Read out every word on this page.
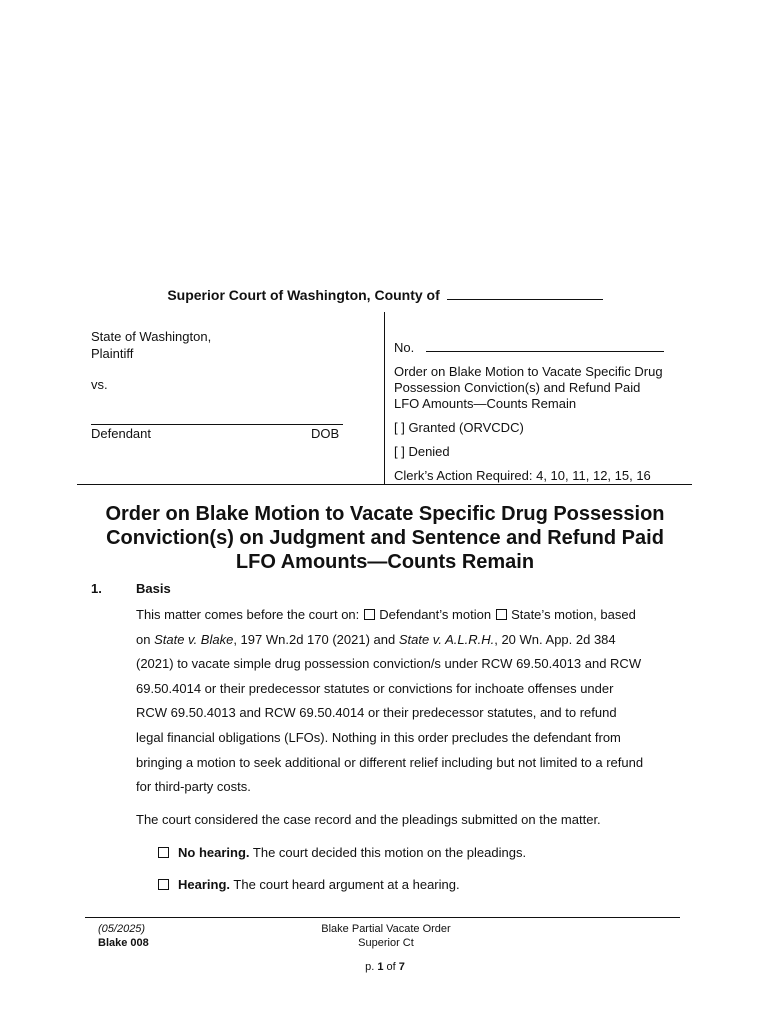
Superior Court of Washington, County of
State of Washington,
Plaintiff
vs.
Defendant	DOB
No.
Order on Blake Motion to Vacate Specific Drug
Possession Conviction(s) and Refund Paid
LFO Amounts—Counts Remain
[ ] Granted (ORVCDC)
[ ] Denied
Clerk’s Action Required: 4, 10, 11, 12, 15, 16
Order on Blake Motion to Vacate Specific Drug Possession
Conviction(s) on Judgment and Sentence and Refund Paid
LFO Amounts—Counts Remain
1.	Basis
This matter comes before the court on: Defendant’s motion State’s motion, based
on State v. Blake, 197 Wn.2d 170 (2021) and State v. A.L.R.H., 20 Wn. App. 2d 384
(2021) to vacate simple drug possession conviction/s under RCW 69.50.4013 and RCW
69.50.4014 or their predecessor statutes or convictions for inchoate offenses under
RCW 69.50.4013 and RCW 69.50.4014 or their predecessor statutes, and to refund
legal financial obligations (LFOs). Nothing in this order precludes the defendant from
bringing a motion to seek additional or different relief including but not limited to a refund
for third-party costs.
The court considered the case record and the pleadings submitted on the matter.
No hearing. The court decided this motion on the pleadings.
Hearing. The court heard argument at a hearing.
(05/2025)
Blake 008
Blake Partial Vacate Order
Superior Ct
p. 1 of 7
